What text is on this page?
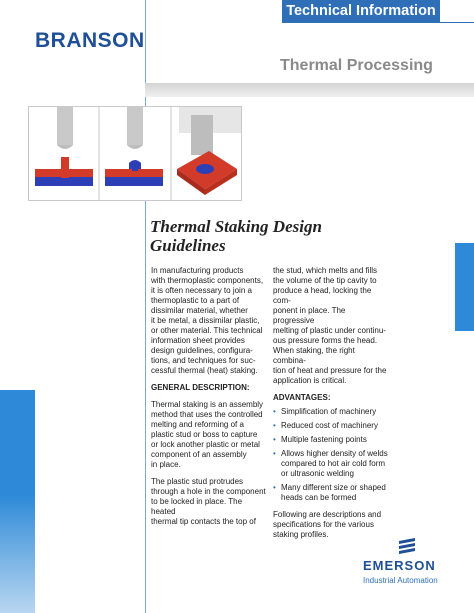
Technical Information
BRANSON
Thermal Processing
Thermal Staking Design
Guidelines

In manufacturing products
with thermoplastic components,
it is often necessary to join a
thermoplastic to a part of
dissimilar material, whether
it be metal, a dissimilar plastic,
or other material. This technical
information sheet provides
design guidelines, configura-
tions, and techniques for suc-
cessful thermal (heat) staking.

GENERAL DESCRIPTION:

Thermal staking is an assembly
method that uses the controlled
melting and reforming of a
plastic stud or boss to capture
or lock another plastic or metal
component of an assembly
in place.

The plastic stud protrudes
through a hole in the component
to be locked in place. The heated
thermal tip contacts the top of

the stud, which melts and fills
the volume of the tip cavity to
produce a head, locking the com-
ponent in place. The progressive
melting of plastic under continu-
ous pressure forms the head.
When staking, the right combina-
tion of heat and pressure for the
application is critical.

ADVANTAGES:

• Simplification of machinery
• Reduced cost of machinery
• Multiple fastening points
• Allows higher density of welds
compared to hot air cold form
or ultrasonic welding
• Many different size or shaped
heads can be formed

Following are descriptions and
specifications for the various
staking profiles.

EMERSON
Industrial Automation
